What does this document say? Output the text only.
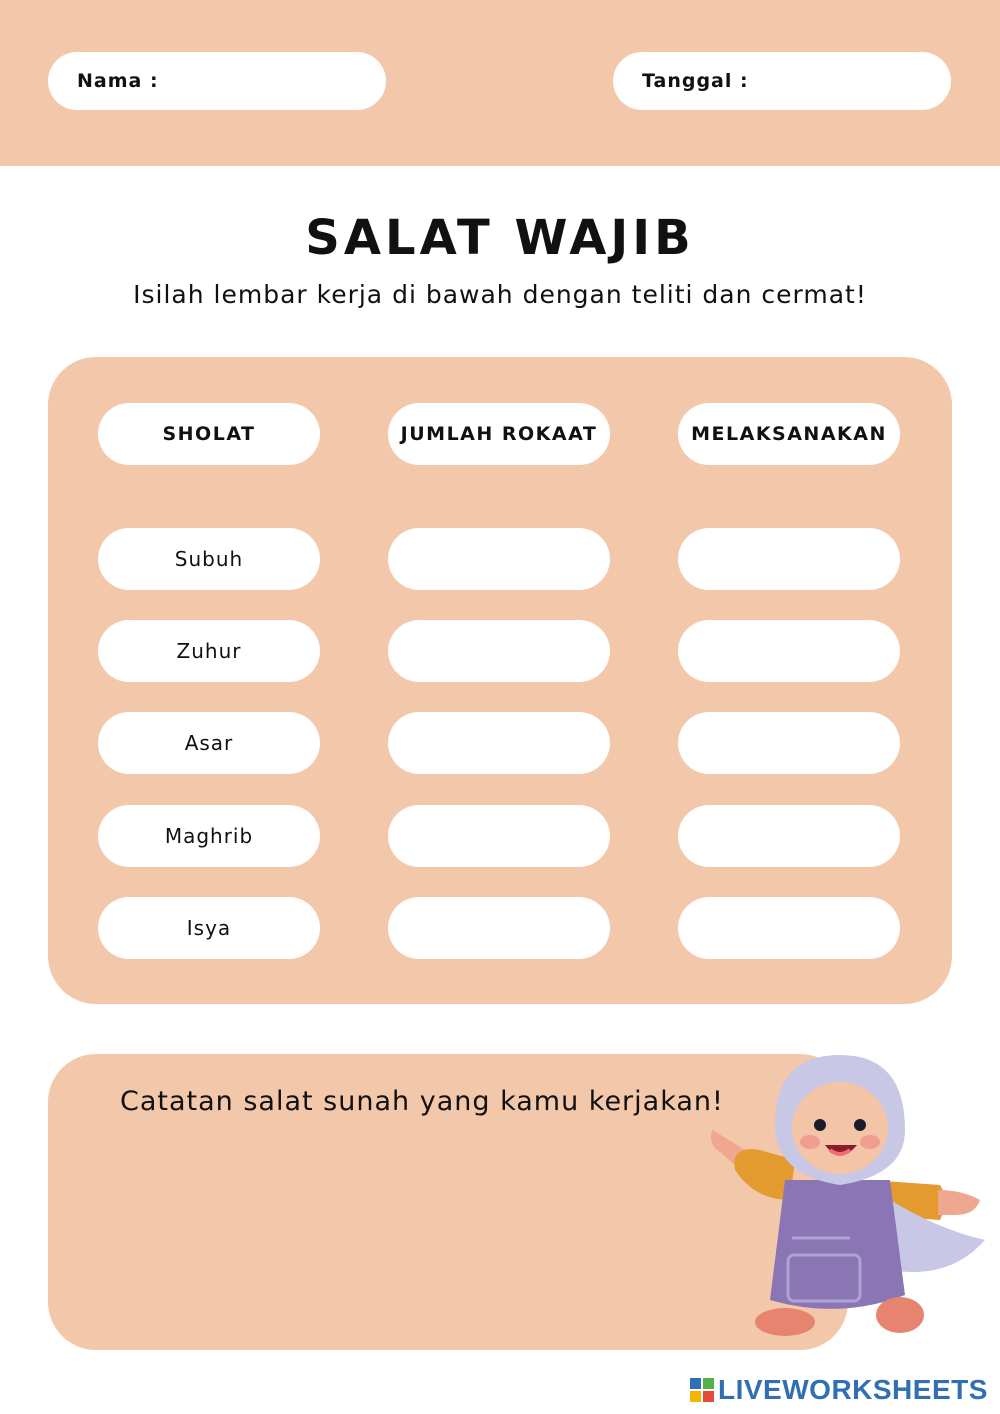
Nama :	Tanggal :
SALAT WAJIB
Isilah lembar kerja di bawah dengan teliti dan cermat!
SHOLAT	JUMLAH ROKAAT	MELAKSANAKAN
Subuh
Zuhur
Asar
Maghrib
Isya
Catatan salat sunah yang kamu kerjakan!
LIVEWORKSHEETS
